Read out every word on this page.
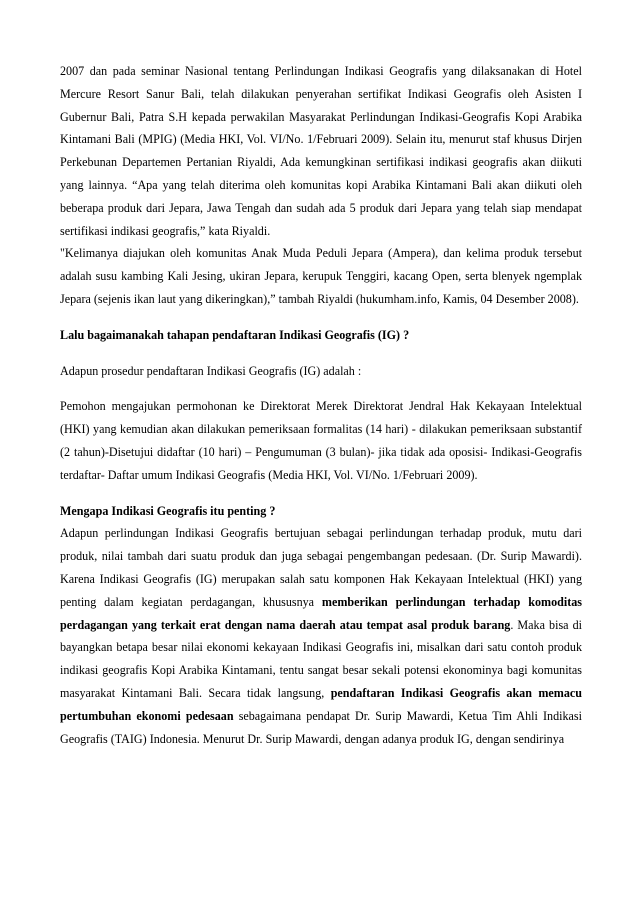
2007 dan pada seminar Nasional tentang Perlindungan Indikasi Geografis yang dilaksanakan di Hotel Mercure Resort Sanur Bali, telah dilakukan penyerahan sertifikat Indikasi Geografis oleh Asisten I Gubernur Bali, Patra S.H kepada perwakilan Masyarakat Perlindungan Indikasi-Geografis Kopi Arabika Kintamani Bali (MPIG) (Media HKI, Vol. VI/No. 1/Februari 2009). Selain itu, menurut staf khusus Dirjen Perkebunan Departemen Pertanian Riyaldi, Ada kemungkinan sertifikasi indikasi geografis akan diikuti yang lainnya. “Apa yang telah diterima oleh komunitas kopi Arabika Kintamani Bali akan diikuti oleh beberapa produk dari Jepara, Jawa Tengah dan sudah ada 5 produk dari Jepara yang telah siap mendapat sertifikasi indikasi geografis,” kata Riyaldi.

"Kelimanya diajukan oleh komunitas Anak Muda Peduli Jepara (Ampera), dan kelima produk tersebut adalah susu kambing Kali Jesing, ukiran Jepara, kerupuk Tenggiri, kacang Open, serta blenyek ngemplak Jepara (sejenis ikan laut yang dikeringkan),” tambah Riyaldi (hukumham.info, Kamis, 04 Desember 2008).

Lalu bagaimanakah tahapan pendaftaran Indikasi Geografis (IG) ?

Adapun prosedur pendaftaran Indikasi Geografis (IG) adalah :

Pemohon mengajukan permohonan ke Direktorat Merek Direktorat Jendral Hak Kekayaan Intelektual (HKI) yang kemudian akan dilakukan pemeriksaan formalitas (14 hari) - dilakukan pemeriksaan substantif (2 tahun)-Disetujui didaftar (10 hari) – Pengumuman (3 bulan)- jika tidak ada oposisi- Indikasi-Geografis terdaftar- Daftar umum Indikasi Geografis (Media HKI, Vol. VI/No. 1/Februari 2009).

Mengapa Indikasi Geografis itu penting ?

Adapun perlindungan Indikasi Geografis bertujuan sebagai perlindungan terhadap produk, mutu dari produk, nilai tambah dari suatu produk dan juga sebagai pengembangan pedesaan. (Dr. Surip Mawardi). Karena Indikasi Geografis (IG) merupakan salah satu komponen Hak Kekayaan Intelektual (HKI) yang penting dalam kegiatan perdagangan, khususnya memberikan perlindungan terhadap komoditas perdagangan yang terkait erat dengan nama daerah atau tempat asal produk barang. Maka bisa di bayangkan betapa besar nilai ekonomi kekayaan Indikasi Geografis ini, misalkan dari satu contoh produk indikasi geografis Kopi Arabika Kintamani, tentu sangat besar sekali potensi ekonominya bagi komunitas masyarakat Kintamani Bali. Secara tidak langsung, pendaftaran Indikasi Geografis akan memacu pertumbuhan ekonomi pedesaan sebagaimana pendapat Dr. Surip Mawardi, Ketua Tim Ahli Indikasi Geografis (TAIG) Indonesia. Menurut Dr. Surip Mawardi, dengan adanya produk IG, dengan sendirinya
